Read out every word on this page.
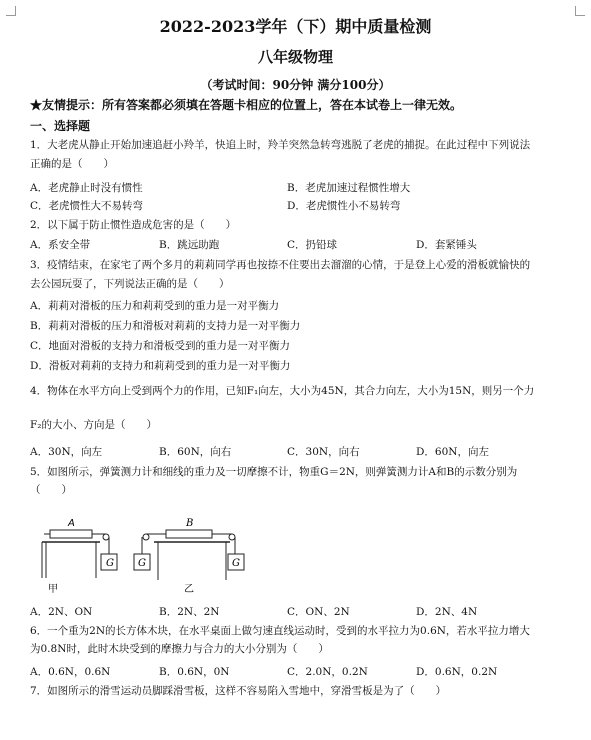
2022-2023学年（下）期中质量检测
八年级物理
（考试时间：90分钟 满分100分）
★友情提示：所有答案都必须填在答题卡相应的位置上，答在本试卷上一律无效。
一、选择题
1．大老虎从静止开始加速追赶小羚羊，快追上时，羚羊突然急转弯逃脱了老虎的捕捉。在此过程中下列说法
正确的是（　　）
A．老虎静止时没有惯性	B．老虎加速过程惯性增大
C．老虎惯性大不易转弯	D．老虎惯性小不易转弯
2．以下属于防止惯性造成危害的是（　　）
A．系安全带	B．跳远助跑	C．扔铅球	D．套紧锤头
3．疫情结束，在家宅了两个多月的莉莉同学再也按捺不住要出去溜溜的心情，于是登上心爱的滑板就愉快的
去公园玩耍了，下列说法正确的是（　　）
A．莉莉对滑板的压力和莉莉受到的重力是一对平衡力
B．莉莉对滑板的压力和滑板对莉莉的支持力是一对平衡力
C．地面对滑板的支持力和滑板受到的重力是一对平衡力
D．滑板对莉莉的支持力和莉莉受到的重力是一对平衡力
4．物体在水平方向上受到两个力的作用，已知F₁向左，大小为45N，其合力向左，大小为15N，则另一个力
F₂的大小、方向是（　　）
A．30N，向左	B．60N，向右	C．30N，向右	D．60N，向左
5．如图所示，弹簧测力计和细线的重力及一切摩擦不计，物重G＝2N，则弹簧测力计A和B的示数分别为
（　　）
A
G
甲
B
G	G
乙
A．2N、ON	B．2N、2N	C．ON、2N	D．2N、4N
6．一个重为2N的长方体木块，在水平桌面上做匀速直线运动时，受到的水平拉力为0.6N，若水平拉力增大
为0.8N时，此时木块受到的摩擦力与合力的大小分别为（　　）
A．0.6N，0.6N	B．0.6N，0N	C．2.0N，0.2N	D．0.6N，0.2N
7．如图所示的滑雪运动员脚踩滑雪板，这样不容易陷入雪地中，穿滑雪板是为了（　　）
